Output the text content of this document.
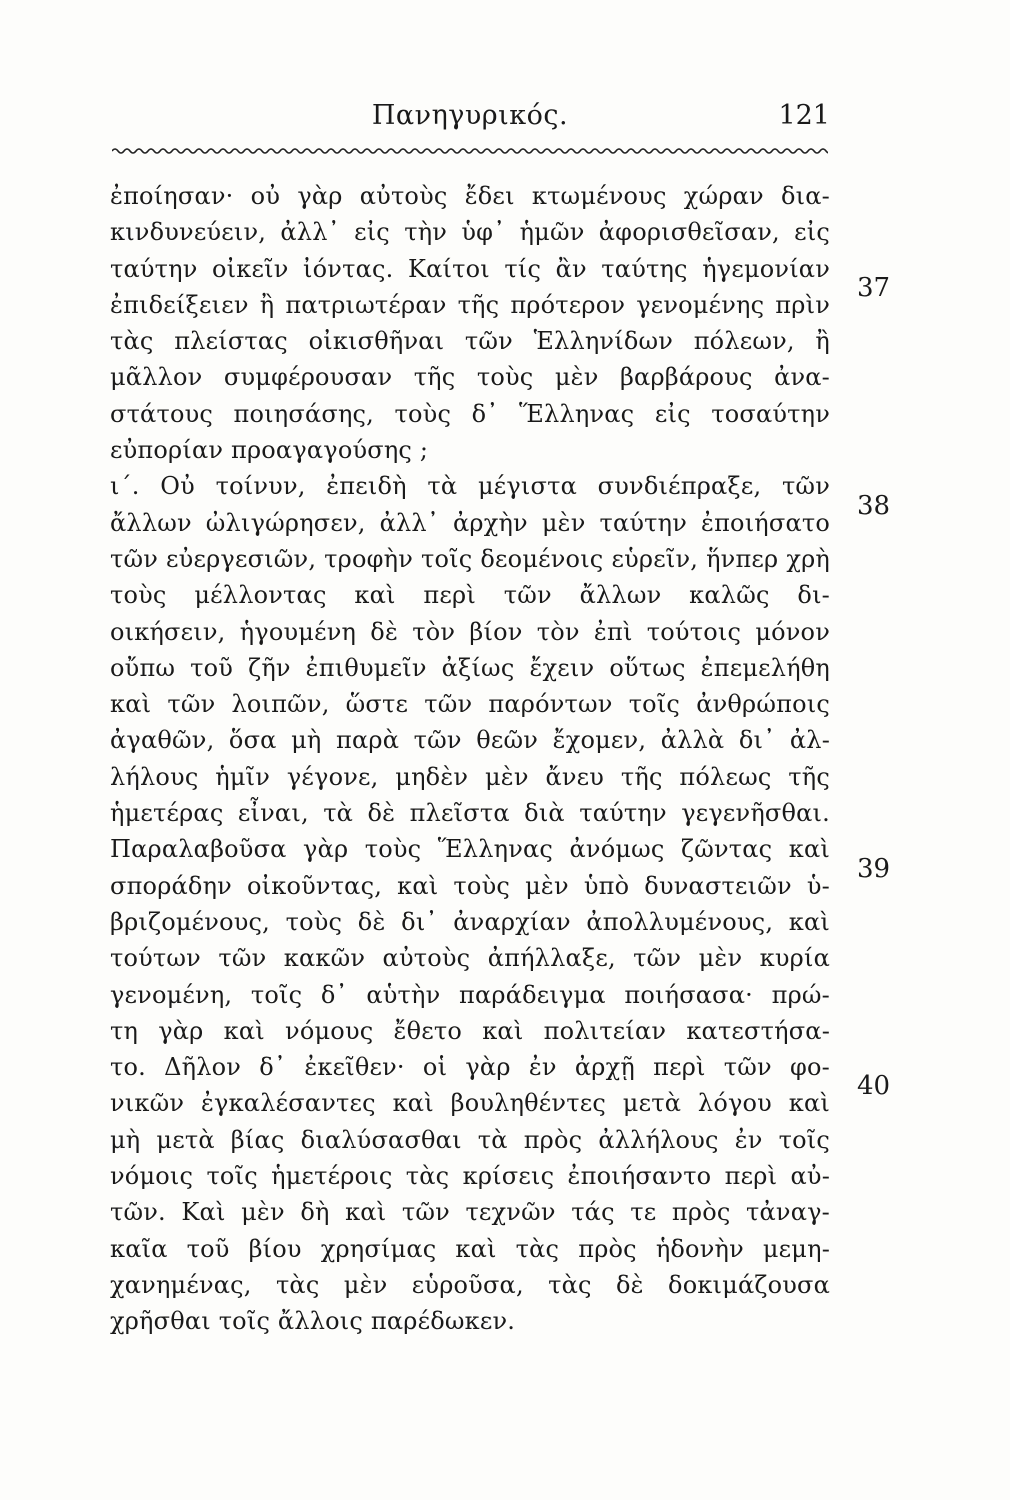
Πανηγυρικός.	121
ἐποίησαν· οὐ γὰρ αὐτοὺς ἔδει κτωμένους χώραν δια-
κινδυνεύειν, ἀλλ᾽ εἰς τὴν ὑφ᾽ ἡμῶν ἀφορισθεῖσαν, εἰς
ταύτην οἰκεῖν ἰόντας. Καίτοι τίς ἂν ταύτης ἡγεμονίαν
ἐπιδείξειεν ἢ πατριωτέραν τῆς πρότερον γενομένης πρὶν
τὰς πλείστας οἰκισθῆναι τῶν Ἑλληνίδων πόλεων, ἢ
μᾶλλον συμφέρουσαν τῆς τοὺς μὲν βαρβάρους ἀνα-
στάτους ποιησάσης, τοὺς δ᾽ Ἕλληνας εἰς τοσαύτην
εὐπορίαν προαγαγούσης ;
ι΄. Οὐ τοίνυν, ἐπειδὴ τὰ μέγιστα συνδιέπραξε, τῶν
ἄλλων ὠλιγώρησεν, ἀλλ᾽ ἀρχὴν μὲν ταύτην ἐποιήσατο
τῶν εὐεργεσιῶν, τροφὴν τοῖς δεομένοις εὑρεῖν, ἥνπερ χρὴ
τοὺς μέλλοντας καὶ περὶ τῶν ἄλλων καλῶς δι-
οικήσειν, ἡγουμένη δὲ τὸν βίον τὸν ἐπὶ τούτοις μόνον
οὔπω τοῦ ζῆν ἐπιθυμεῖν ἀξίως ἔχειν οὕτως ἐπεμελήθη
καὶ τῶν λοιπῶν, ὥστε τῶν παρόντων τοῖς ἀνθρώποις
ἀγαθῶν, ὅσα μὴ παρὰ τῶν θεῶν ἔχομεν, ἀλλὰ δι᾽ ἀλ-
λήλους ἡμῖν γέγονε, μηδὲν μὲν ἄνευ τῆς πόλεως τῆς
ἡμετέρας εἶναι, τὰ δὲ πλεῖστα διὰ ταύτην γεγενῆσθαι.
Παραλαβοῦσα γὰρ τοὺς Ἕλληνας ἀνόμως ζῶντας καὶ
σποράδην οἰκοῦντας, καὶ τοὺς μὲν ὑπὸ δυναστειῶν ὑ-
βριζομένους, τοὺς δὲ δι᾽ ἀναρχίαν ἀπολλυμένους, καὶ
τούτων τῶν κακῶν αὐτοὺς ἀπήλλαξε, τῶν μὲν κυρία
γενομένη, τοῖς δ᾽ αὑτὴν παράδειγμα ποιήσασα· πρώ-
τη γὰρ καὶ νόμους ἔθετο καὶ πολιτείαν κατεστήσα-
το. Δῆλον δ᾽ ἐκεῖθεν· οἱ γὰρ ἐν ἀρχῇ περὶ τῶν φο-
νικῶν ἐγκαλέσαντες καὶ βουληθέντες μετὰ λόγου καὶ
μὴ μετὰ βίας διαλύσασθαι τὰ πρὸς ἀλλήλους ἐν τοῖς
νόμοις τοῖς ἡμετέροις τὰς κρίσεις ἐποιήσαντο περὶ αὐ-
τῶν. Καὶ μὲν δὴ καὶ τῶν τεχνῶν τάς τε πρὸς τἀναγ-
καῖα τοῦ βίου χρησίμας καὶ τὰς πρὸς ἡδονὴν μεμη-
χανημένας, τὰς μὲν εὑροῦσα, τὰς δὲ δοκιμάζουσα
χρῆσθαι τοῖς ἄλλοις παρέδωκεν.
37
38
39
40
